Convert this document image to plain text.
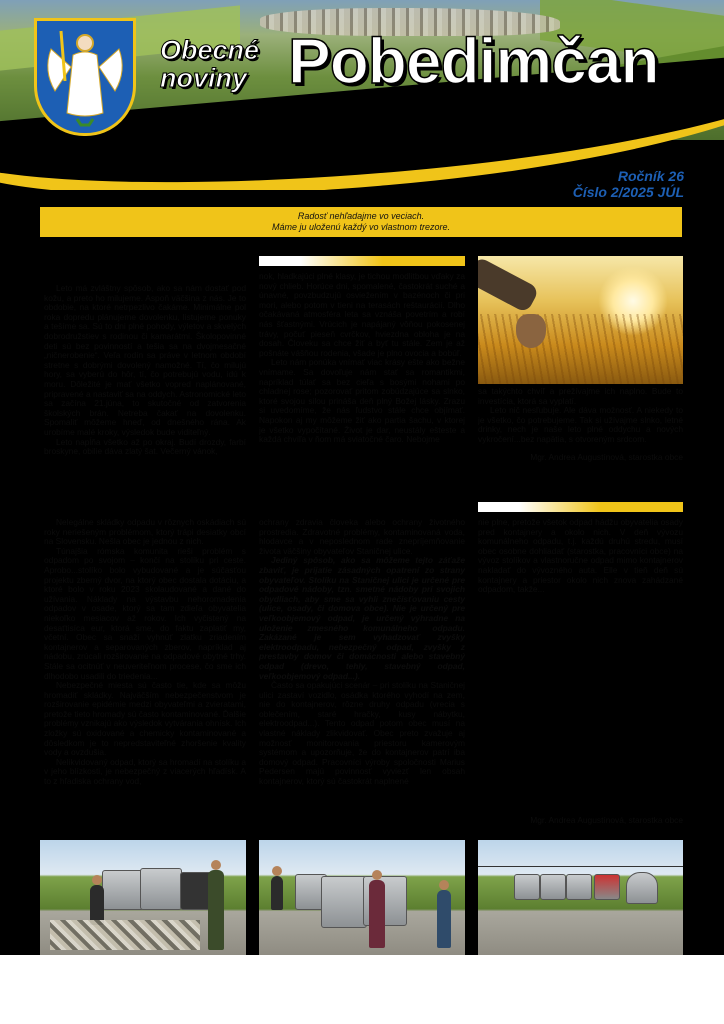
Obecné
noviny Pobedimčan
Ročník 26
Číslo 2/2025 JÚL
Radosť nehľadajme vo veciach.
Máme ju uloženú každý vo vlastnom trezore.

Leto má zvláštny spôsob, ako sa nám dostať pod kožu, a preto ho milujeme. Aspoň väčšina z nás. Je to obdobie, na ktoré netrpezlivo čakáme. Minimálne pol roka dopredu plánujeme dovolenku, listujeme ponuky a tešíme sa. Sú to dni plné pohody, výletov a skvelých dobrodružstiev s rodinou či kamarátmi. Školopovinné deti sú bez povinností a tešia sa na dvojmesačné „ničnerobenie“. Veľa rodín sa práve v letnom období stretne s dobrými dovolený namožné. Tí, čo milujú hory, sa vyberú do hôr, tí, čo potrebujú vodu, idú k moru. Dôležité je mať všetko vopred naplánované, pripravené a nastaviť sa na oddych. Astronomické leto sa začína 21.júna, to skutočné od zatvorenia školských brán. Netreba čakať na dovolenku. Spomaliť môžeme hneď, od dnešného rána. Ak urobíme malé kroky, výsledok bude viditeľný.

Leto napĺňa všetko až po okraj. Budí drozdy, farbí broskyne, obilie dáva zlatý šat. Večerný vánok,

nok, hladkajúci plné klasy, je tichou modlitbou vďaky za nový chlieb. Horúce dni, spomalené, častokrát suché a únavné, povzbudzujú osviežením v bazénoch či pri mori, alebo potom v tieni na terasách reštaurácií. Dlho očakávaná atmosféra leta sa vznáša povetrím a robí nás šťastnými. Vrúcich je napájaný vôňou pokosenej trávy, počuť pieseň cvrčkov, hviezdna obloha je na dosah. Človeku sa chce žiť a byť tu stále. Zem je až pošnáte vášňou rodenia, všade je plno ovocia a bobúľ.

Leto nám ponúka vnímať viac krásy ešte ako bežne vnímame. Sa dovoľuje nám stať sa romantikmi, napríklad túlať sa bez cieľa s bosými nohami po chladnej rose; pozorovať pritom zobúdzajúce sa slnko, ktoré svojou silou prináša deň plný Božej lásky. Zrazu si uvedomíme, že nás ľudstvo stále chce objímať. Napokon aj my môžeme žiť ako partia šachu, v ktorej je všetko vypočítané. Život je dar, neustály ešteste a každá chvíľa v ňom má sviatočné čaro. Nebojme

sa takýchto chvíľ a prežívajme ich naplno. Bude to investícia, ktorá sa vyplatí.

Leto nič nesľubuje. Ale dáva možnosť. A niekedy to je všetko, čo potrebujeme. Tak si užívajme slnko, letné drinky, nech je naše leto plné oddychu a nových vykročení...bez napätia, s otvoreným srdcom.

Mgr. Andrea Augustínová, starostka obce

Nelegálne skládky odpadu v rôznych oskádiach sú roky neriešeným problémom, ktorý trápi desiatky obcí na Slovensku. Nešla obec je jednou z nich.

Túnajšia rómska komunita rieši problém s odpadom po svojom – končí na stolíku pri ceste. Aprobo...stolíko bolo vybudované a je súčasťou projektu zberný dvor, na ktorý obec dostala dotáciu, a ktoré bolo v roku 2023 skolaudované a dané do užívania. Náklady na výstavbu nehoromadenia odpadov v osade, ktorý sa tam zdieľa obyvatelia niekoľko mesiacov až rokov. Ich vyčistený na desaťtisíca eur, ktorá sme, do faktu zaplatiť my, včetní. Obec sa snaží vyhnúť zlatku zriadením kontajnerov a separovaných zberov, napríklad aj nádobu, zrúcali rozširovanie na odpadové obytné trhy. Stále sa ocitnúť v neuveriteľnom procese, čo sme ich dlhodobo usadili do triedenia...

Nebezpečné miesta sú často tie, kde sa môžu hromadiť skládky. Najväčším nebezpečenstvom je rozširovanie epidémie medzi obyvateľmi a zvieratami, pretože tieto hromady sú často kontaminované. Ďalšie problémy vznikajú ako výsledok vytvárania ohnísk. Ich zložky sú oxidované a chemicky kontaminované a dôsledkom je to nepredstaviteľné zhoršenie kvality vody a ovzdušia.

Nelikvidovaný odpad, ktorý sa hromadí na stolíku a v jeho blízkosti, je nebezpečný z viacerých hľadísk. A to z hľadiska ochrany vod,

ochrany zdravia človeka alebo ochrany životného prostredia. Zdravotné problémy, kontaminovaná voda, hlodavce a v neposlednom rade znepríjemňovanie života väčšiny obyvateľov Staničnej ulice.

Jediný spôsob, ako sa môžeme tejto záťaže zbaviť, je prijatie zásadných opatrení zo strany obyvateľov. Stolíku na Staničnej ulici je určené pre odpadové nádoby, tzn. smetné nádoby pri svojich obydliach, aby sme sa vyhli znečisťovaniu cesty (ulice, osady, či domova obce). Nie je určený pre veľkoobjemový odpad, je určený výhradne na uloženie zmesného komunálneho odpadu. Zakázané je sem vyhadzovať zvyšky elektroodpadu, nebezpečný odpad, zvyšky z prestavby domov či domácnosti alebo stavebný odpad (drevo, tehly, stavebný odpad, veľkoobjemový odpad...).

Často sa opakujúci scenár – pri stolíku na Staničnej ulici zastaví vozidlo, osádka ktorého vyhodí na zem, nie do kontajnerov, rôzne druhy odpadu (vrecia s oblečením, staré hračky, kusy nábytku, elektroodpad...). Tento odpad potom obec musí na vlastné náklady zlikvidovať. Obec preto zvažuje aj možnosť monitorovania priestoru kamerovým systémom a upozorňuje, že do kontajnerov patrí iba domový odpad. Pracovníci výroby spoločnosti Marius Pedersen majú povinnosť vyviezť len obsah kontajnerov, ktorý sú častokrát naplnené

nie plne, pretože všetok odpad hádžu obyvatelia osady pred kontajnery a okolo nich. V deň vývozu komunálneho odpadu, t.j. každú druhú stredu, musí obec osobne dohliadať (starostka, pracovníci obce) na vývoz stolíkov a vlastnoručne odpad mimo kontajnerov nakladať do vývozného auta. Elle v tieň deň sú kontajnery a priestor okolo nich znova zahádzané odpadom, takže...

Mgr. Andrea Augustínová, starostka obce
